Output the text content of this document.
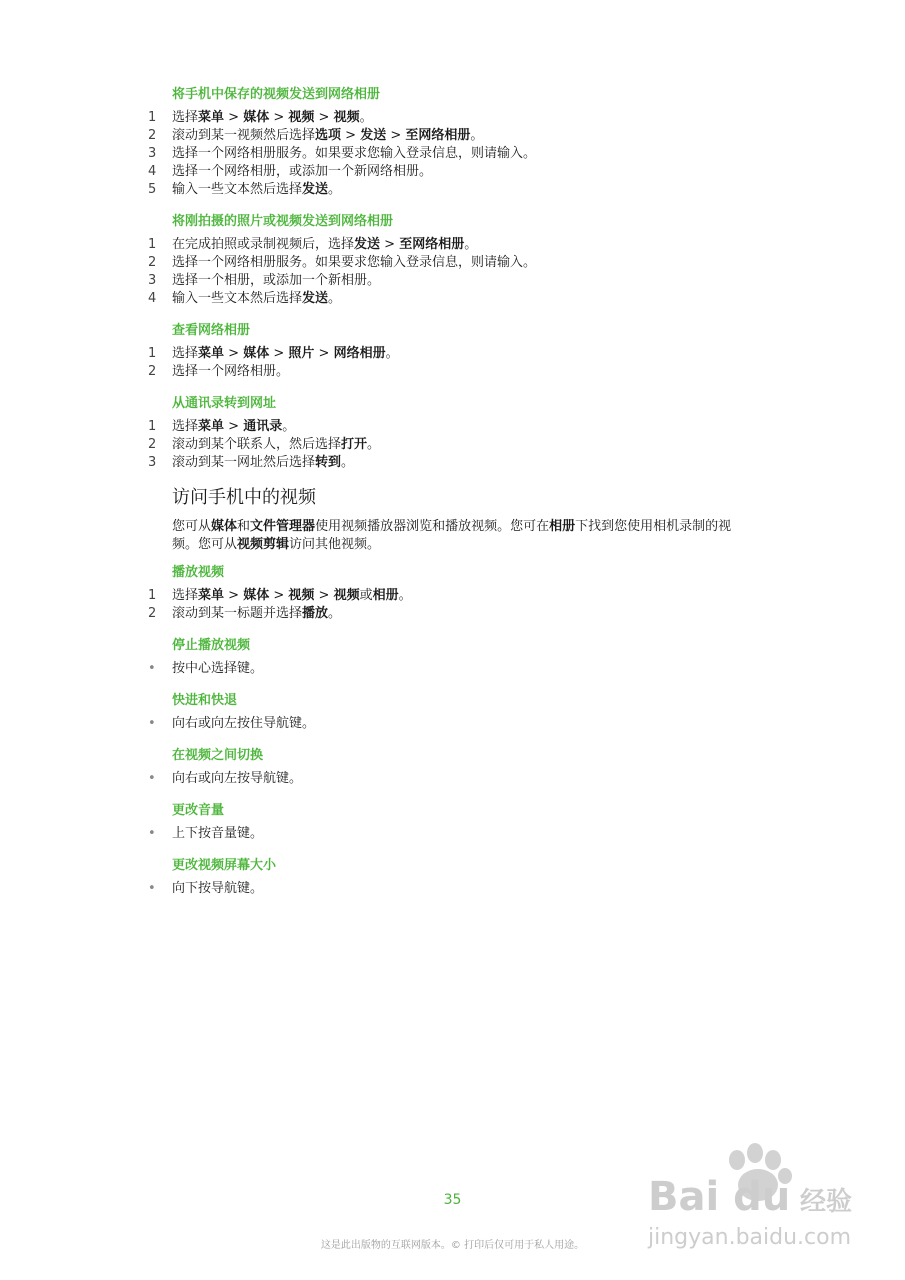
将手机中保存的视频发送到网络相册
1	选择菜单 > 媒体 > 视频 > 视频。
2	滚动到某一视频然后选择选项 > 发送 > 至网络相册。
3	选择一个网络相册服务。如果要求您输入登录信息，则请输入。
4	选择一个网络相册，或添加一个新网络相册。
5	输入一些文本然后选择发送。
将刚拍摄的照片或视频发送到网络相册
1	在完成拍照或录制视频后，选择发送 > 至网络相册。
2	选择一个网络相册服务。如果要求您输入登录信息，则请输入。
3	选择一个相册，或添加一个新相册。
4	输入一些文本然后选择发送。
查看网络相册
1	选择菜单 > 媒体 > 照片 > 网络相册。
2	选择一个网络相册。
从通讯录转到网址
1	选择菜单 > 通讯录。
2	滚动到某个联系人，然后选择打开。
3	滚动到某一网址然后选择转到。
访问手机中的视频
您可从媒体和文件管理器使用视频播放器浏览和播放视频。您可在相册下找到您使用相机录制的视频。您可从视频剪辑访问其他视频。
播放视频
1	选择菜单 > 媒体 > 视频 > 视频或相册。
2	滚动到某一标题并选择播放。
停止播放视频
•	按中心选择键。
快进和快退
•	向右或向左按住导航键。
在视频之间切换
•	向右或向左按导航键。
更改音量
•	上下按音量键。
更改视频屏幕大小
•	向下按导航键。
35
这是此出版物的互联网版本。© 打印后仅可用于私人用途。
Bai du 经验
jingyan.baidu.com
